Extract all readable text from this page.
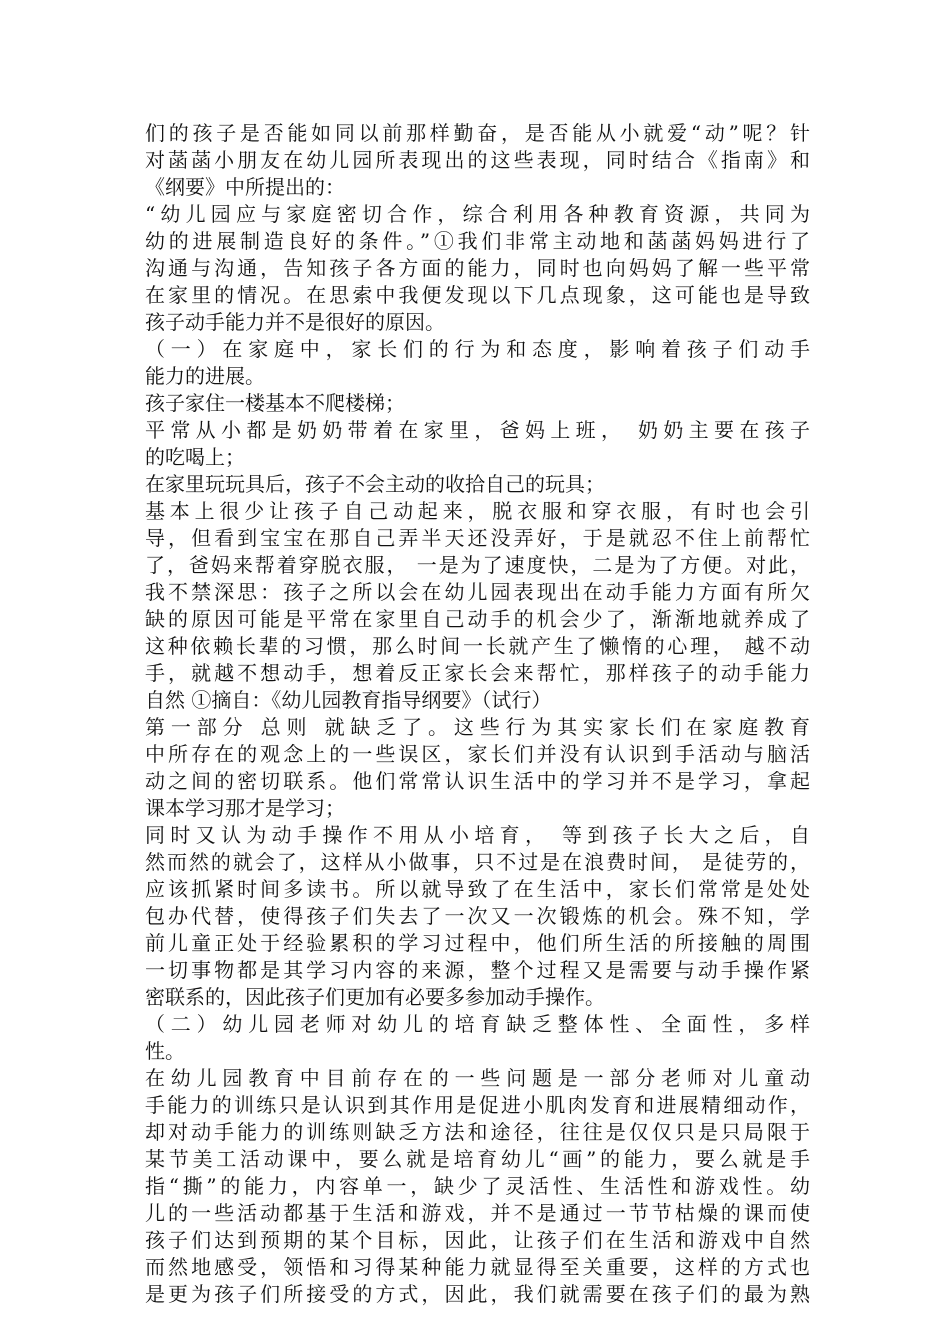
们的孩子是否能如同以前那样勤奋，是否能从小就爱“动”呢？针

对菡菡小朋友在幼儿园所表现出的这些表现，同时结合《指南》和

《纲要》中所提出的：

“幼儿园应与家庭密切合作，综合利用各种教育资源，共同为

幼的进展制造良好的条件。”①我们非常主动地和菡菡妈妈进行了

沟通与沟通，告知孩子各方面的能力，同时也向妈妈了解一些平常

在家里的情况。在思索中我便发现以下几点现象，这可能也是导致

孩子动手能力并不是很好的原因。

（一）在家庭中，家长们的行为和态度，影响着孩子们动手

能力的进展。

孩子家住一楼基本不爬楼梯；

平常从小都是奶奶带着在家里，爸妈上班， 奶奶主要在孩子

的吃喝上；

在家里玩玩具后，孩子不会主动的收拾自己的玩具；

基本上很少让孩子自己动起来，脱衣服和穿衣服，有时也会引

导，但看到宝宝在那自己弄半天还没弄好，于是就忍不住上前帮忙

了，爸妈来帮着穿脱衣服， 一是为了速度快，二是为了方便。对此，

我不禁深思：孩子之所以会在幼儿园表现出在动手能力方面有所欠

缺的原因可能是平常在家里自己动手的机会少了，渐渐地就养成了

这种依赖长辈的习惯，那么时间一长就产生了懒惰的心理， 越不动

手，就越不想动手，想着反正家长会来帮忙，那样孩子的动手能力

自然 ①摘自：《幼儿园教育指导纲要》（试行）

第一部分 总则 就缺乏了。这些行为其实家长们在家庭教育

中所存在的观念上的一些误区，家长们并没有认识到手活动与脑活

动之间的密切联系。他们常常认识生活中的学习并不是学习，拿起

课本学习那才是学习；

同时又认为动手操作不用从小培育， 等到孩子长大之后，自

然而然的就会了，这样从小做事，只不过是在浪费时间， 是徒劳的，

应该抓紧时间多读书。所以就导致了在生活中，家长们常常是处处

包办代替，使得孩子们失去了一次又一次锻炼的机会。殊不知，学

前儿童正处于经验累积的学习过程中，他们所生活的所接触的周围

一切事物都是其学习内容的来源，整个过程又是需要与动手操作紧

密联系的，因此孩子们更加有必要多参加动手操作。

（二）幼儿园老师对幼儿的培育缺乏整体性、全面性，多样

性。

在幼儿园教育中目前存在的一些问题是一部分老师对儿童动

手能力的训练只是认识到其作用是促进小肌肉发育和进展精细动作，

却对动手能力的训练则缺乏方法和途径，往往是仅仅只是只局限于

某节美工活动课中，要么就是培育幼儿“画”的能力，要么就是手

指“撕”的能力，内容单一，缺少了灵活性、生活性和游戏性。幼

儿的一些活动都基于生活和游戏，并不是通过一节节枯燥的课而使

孩子们达到预期的某个目标，因此，让孩子们在生活和游戏中自然

而然地感受，领悟和习得某种能力就显得至关重要，这样的方式也

是更为孩子们所接受的方式，因此，我们就需要在孩子们的最为熟
